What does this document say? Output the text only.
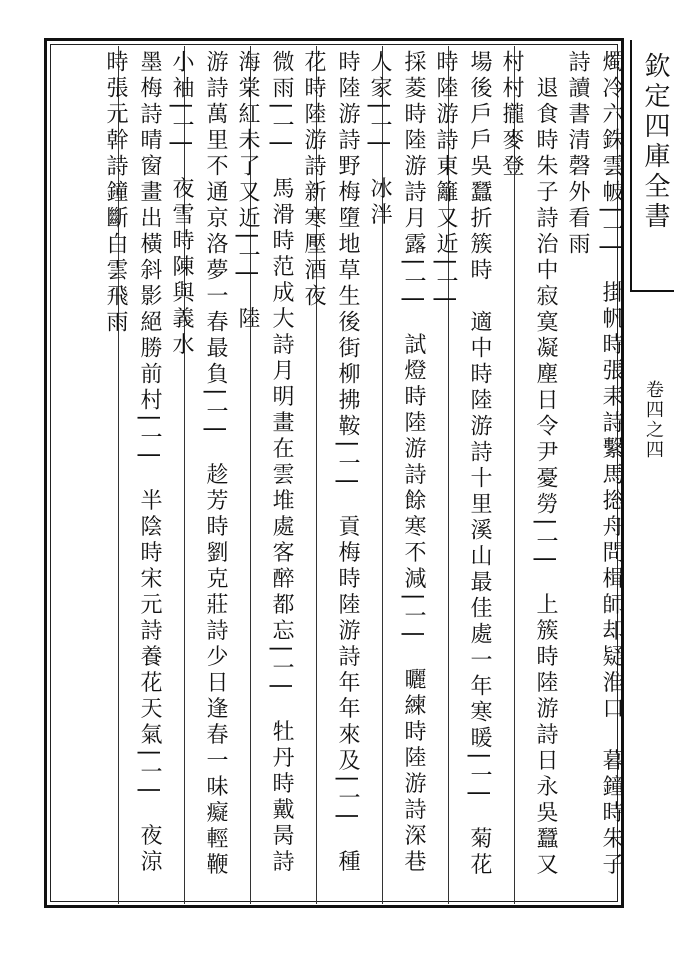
欽定四庫全書
卷四之四
燭冷六銖雲帔|一|　掛帆時張耒詩繫馬捴舟問楫師却疑淮口　暮鐘時朱子詩讀書清磬外看雨
　退食時朱子詩治中寂寞凝塵日令尹憂勞|一|　上簇時陸游詩日永吳蠶又村村攏麥登
場後戶戶吳蠶折簇時　適中時陸游詩十里溪山最佳處一年寒暖|一|　菊花時陸游詩東籬又近|一|
採菱時陸游詩月露|一|　試燈時陸游詩餘寒不減|一|　曬練時陸游詩深巷人家|一|　冰泮
時陸游詩野梅墮地草生後街柳拂鞍|一|　貢梅時陸游詩年年來及|一|　種花時陸游詩新寒壓酒夜
微雨|一|　馬滑時范成大詩月明畫在雲堆處客醉都忘|一|　牡丹時戴昺詩海棠紅未了又近|一|　陸
游詩萬里不通京洛夢一春最負|一|　趁芳時劉克莊詩少日逢春一味癡輕鞭小袖|一|　夜雪時陳與義水
墨梅詩晴窗畫出橫斜影絕勝前村|一|　半陰時宋元詩養花天氣|一|　夜涼時張元幹詩鐘斷白雲飛雨
